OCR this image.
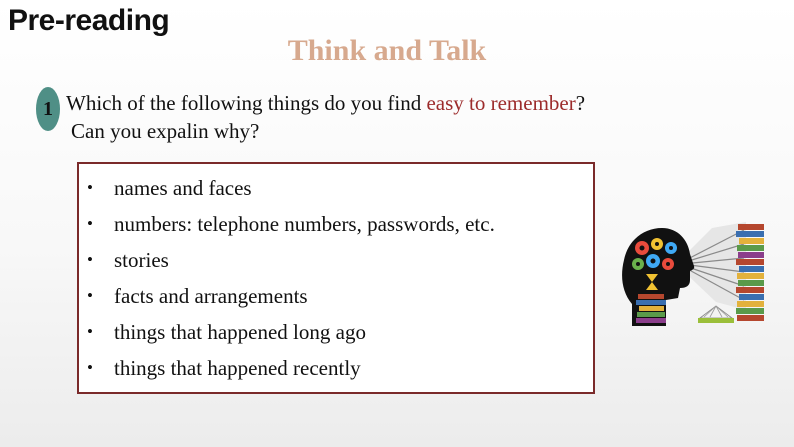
Pre-reading
Think and Talk
1 Which of the following things do you find easy to remember?
Can you expalin why?
• names and faces
• numbers: telephone numbers, passwords, etc.
• stories
• facts and arrangements
• things that happened long ago
• things that happened recently
